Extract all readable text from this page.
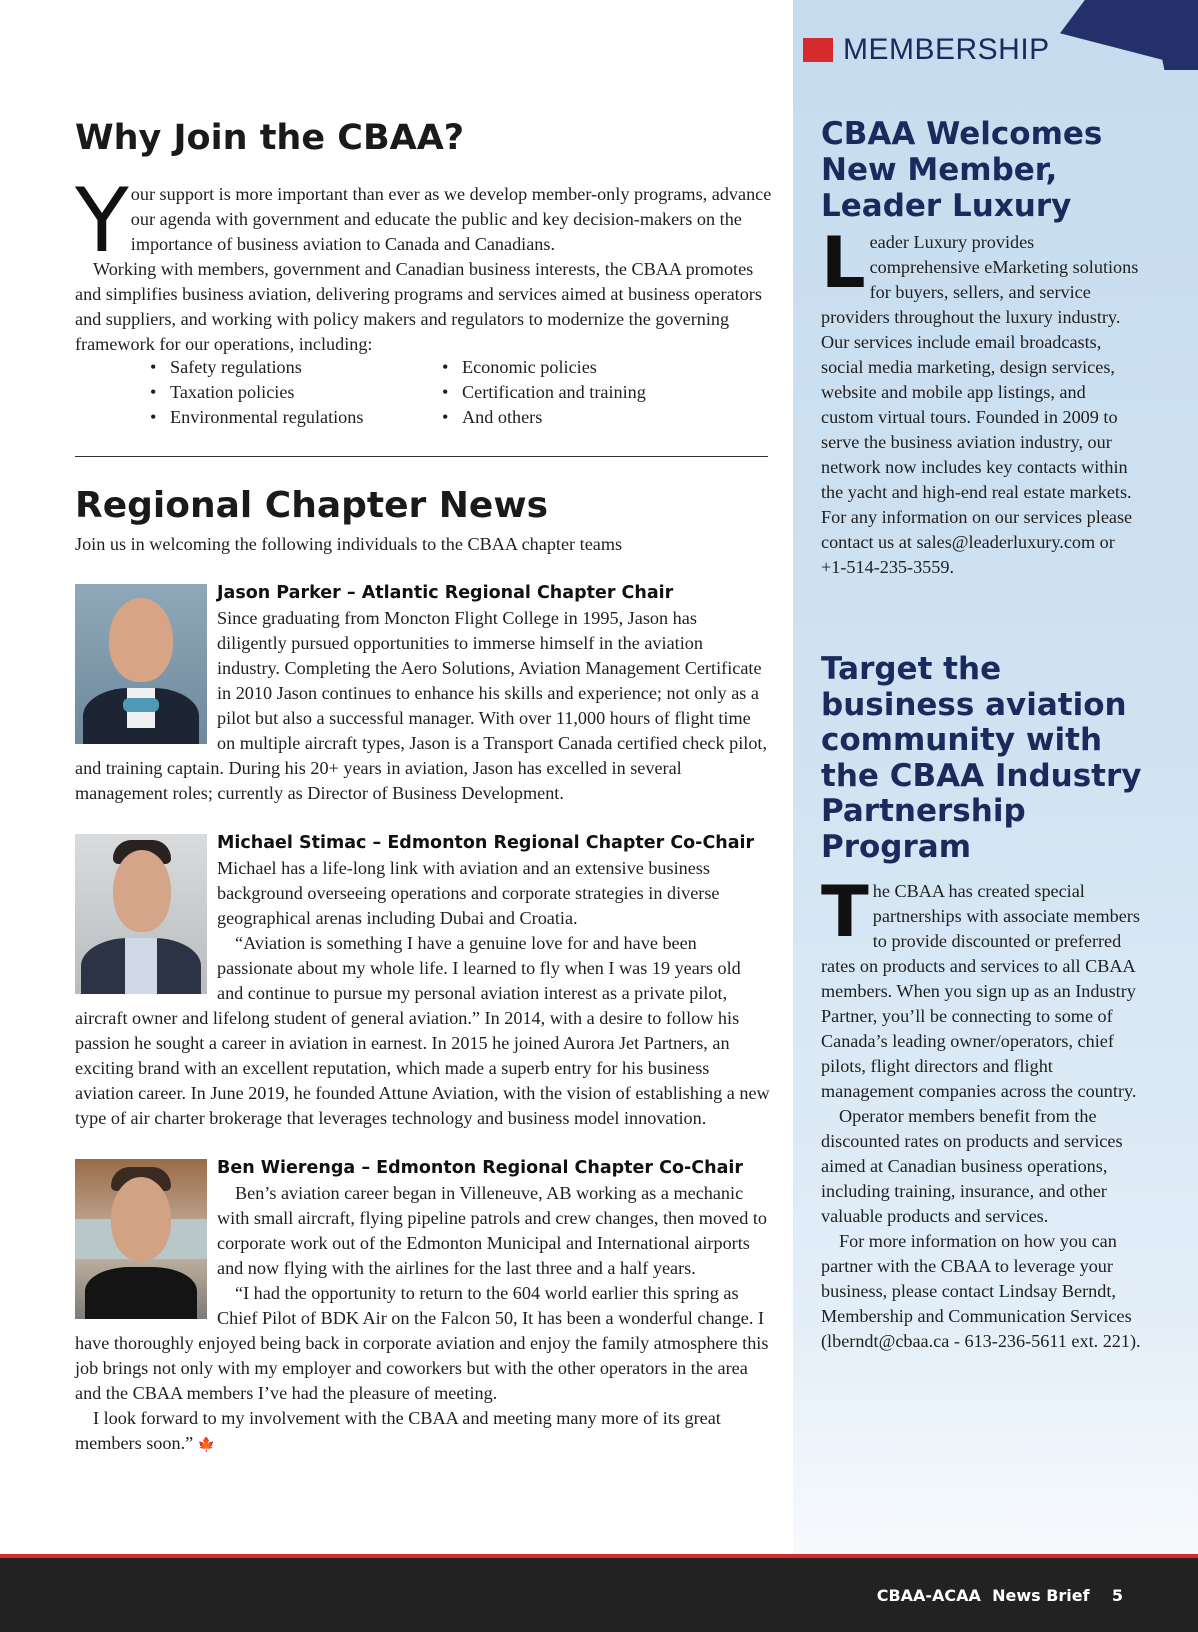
MEMBERSHIP
CBAA Welcomes
New Member,
Leader Luxury
L eader Luxury provides comprehensive eMarketing solutions for buyers, sellers, and service providers throughout the luxury industry. Our services include email broadcasts, social media marketing, design services, website and mobile app listings, and custom virtual tours. Founded in 2009 to serve the business aviation industry, our network now includes key contacts within the yacht and high-end real estate markets. For any information on our services please contact us at sales@leaderluxury.com or +1-514-235-3559.

Target the
business aviation
community with
the CBAA Industry
Partnership
Program
T he CBAA has created special partnerships with associate members to provide discounted or preferred rates on products and services to all CBAA members. When you sign up as an Industry Partner, you’ll be connecting to some of Canada’s leading owner/operators, chief pilots, flight directors and flight management companies across the country.

Operator members benefit from the discounted rates on products and services aimed at Canadian business operations, including training, insurance, and other valuable products and services.

For more information on how you can partner with the CBAA to leverage your business, please contact Lindsay Berndt, Membership and Communication Services (lberndt@cbaa.ca - 613-236-5611 ext. 221).

Why Join the CBAA?
Y our support is more important than ever as we develop member-only programs, advance our agenda with government and educate the public and key decision-makers on the importance of business aviation to Canada and Canadians.

Working with members, government and Canadian business interests, the CBAA promotes and simplifies business aviation, delivering programs and services aimed at business operators and suppliers, and working with policy makers and regulators to modernize the governing framework for our operations, including:

• Safety regulations	• Economic policies
• Taxation policies	• Certification and training
• Environmental regulations	• And others
Regional Chapter News

Join us in welcoming the following individuals to the CBAA chapter teams

Jason Parker – Atlantic Regional Chapter Chair

Since graduating from Moncton Flight College in 1995, Jason has diligently pursued opportunities to immerse himself in the aviation industry. Completing the Aero Solutions, Aviation Management Certificate in 2010 Jason continues to enhance his skills and experience; not only as a pilot but also a successful manager. With over 11,000 hours of flight time on multiple aircraft types, Jason is a Transport Canada certified check pilot, and training captain. During his 20+ years in aviation, Jason has excelled in several management roles; currently as Director of Business Development.

Michael Stimac – Edmonton Regional Chapter Co-Chair

Michael has a life-long link with aviation and an extensive business background overseeing operations and corporate strategies in diverse geographical arenas including Dubai and Croatia.

“Aviation is something I have a genuine love for and have been passionate about my whole life. I learned to fly when I was 19 years old and continue to pursue my personal aviation interest as a private pilot, aircraft owner and lifelong student of general aviation.” In 2014, with a desire to follow his passion he sought a career in aviation in earnest. In 2015 he joined Aurora Jet Partners, an exciting brand with an excellent reputation, which made a superb entry for his business aviation career. In June 2019, he founded Attune Aviation, with the vision of establishing a new type of air charter brokerage that leverages technology and business model innovation.

Ben Wierenga – Edmonton Regional Chapter Co-Chair

Ben’s aviation career began in Villeneuve, AB working as a mechanic with small aircraft, flying pipeline patrols and crew changes, then moved to corporate work out of the Edmonton Municipal and International airports and now flying with the airlines for the last three and a half years.

“I had the opportunity to return to the 604 world earlier this spring as Chief Pilot of BDK Air on the Falcon 50, It has been a wonderful change. I have thoroughly enjoyed being back in corporate aviation and enjoy the family atmosphere this job brings not only with my employer and coworkers but with the other operators in the area and the CBAA members I’ve had the pleasure of meeting.

I look forward to my involvement with the CBAA and meeting many more of its great members soon.” 🍁

CBAA-ACAA  News Brief 5
